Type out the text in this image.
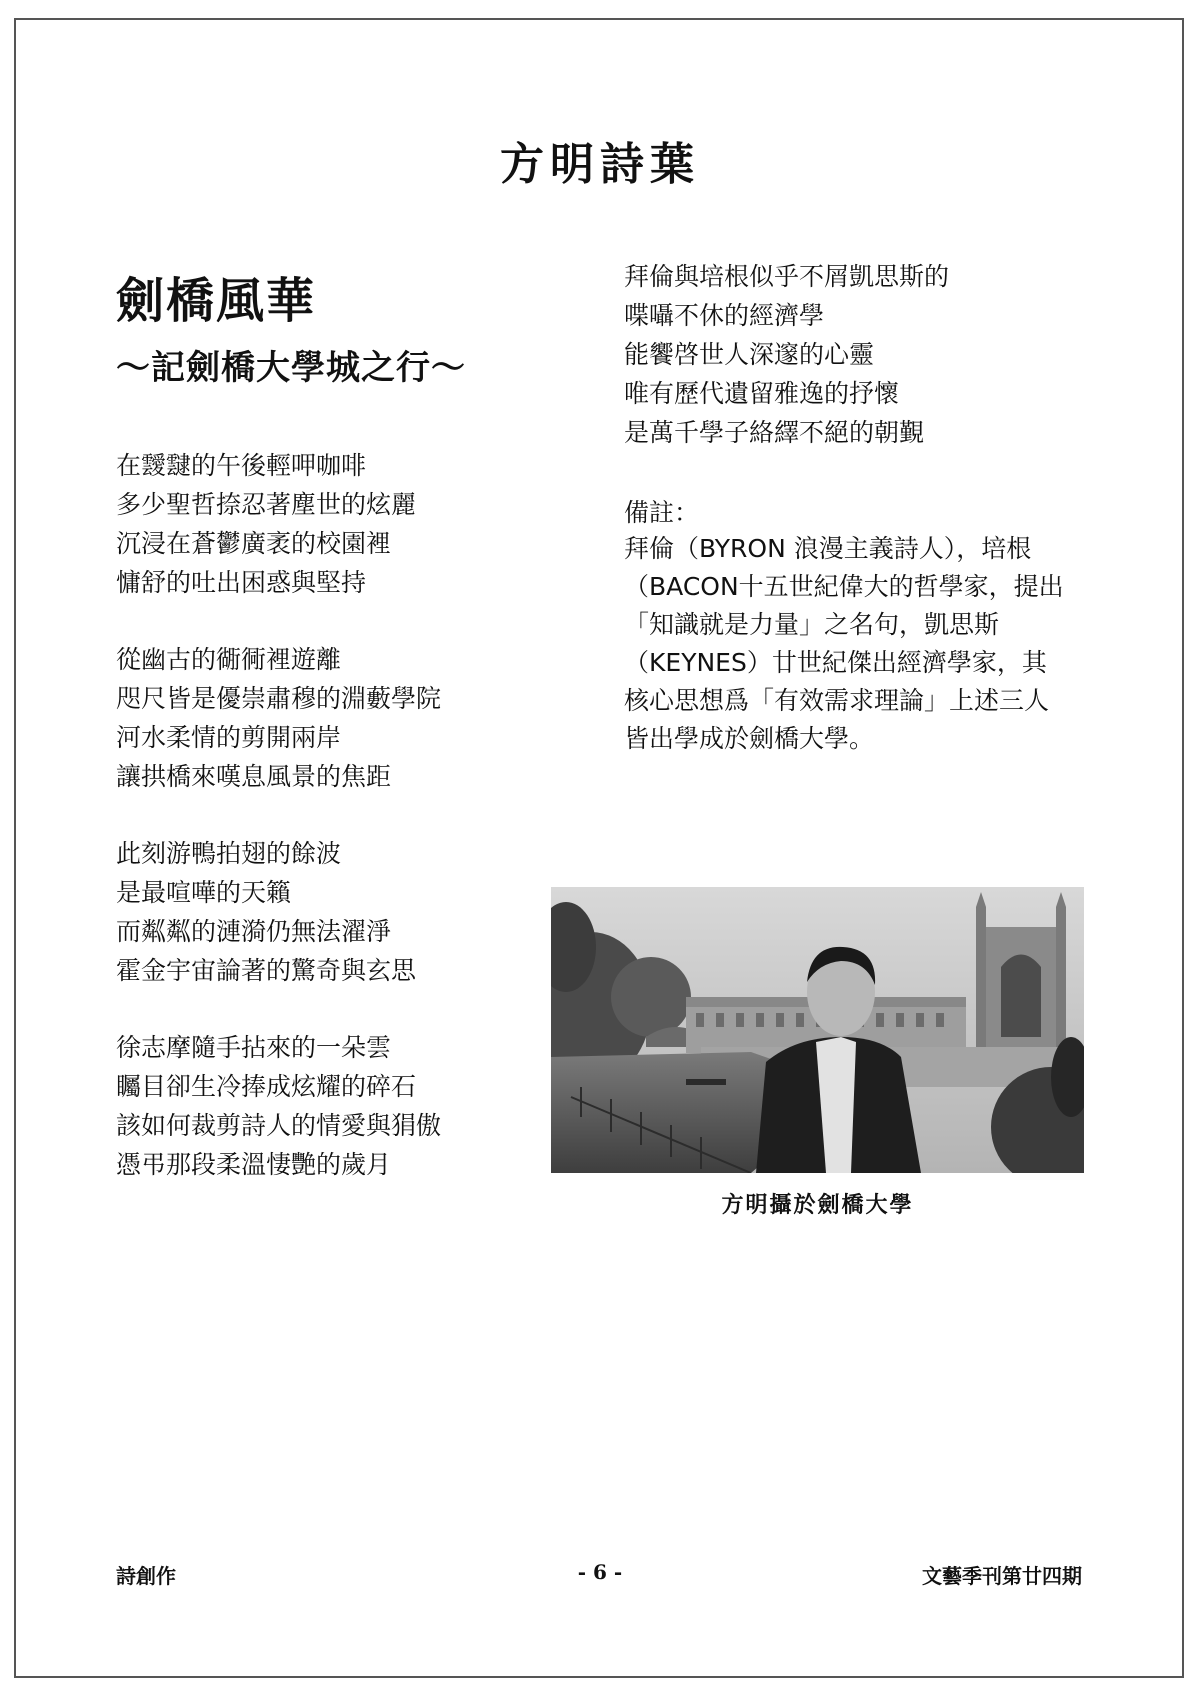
方明詩葉
劍橋風華
～記劍橋大學城之行～
在靉靆的午後輕呷咖啡
多少聖哲捺忍著塵世的炫麗
沉浸在蒼鬱廣袤的校園裡
慵舒的吐出困惑與堅持
從幽古的衚衕裡遊離
咫尺皆是優崇肅穆的淵藪學院
河水柔情的剪開兩岸
讓拱橋來嘆息風景的焦距
此刻游鴨拍翅的餘波
是最喧嘩的天籟
而粼粼的漣漪仍無法濯淨
霍金宇宙論著的驚奇與玄思
徐志摩隨手拈來的一朵雲
矚目卻生冷捧成炫耀的碎石
該如何裁剪詩人的情愛與狷傲
憑弔那段柔溫悽艷的歲月
拜倫與培根似乎不屑凱思斯的
喋囁不休的經濟學
能饗啓世人深邃的心靈
唯有歷代遺留雅逸的抒懷
是萬千學子絡繹不絕的朝覲
備註：
拜倫（BYRON 浪漫主義詩人），培根
（BACON十五世紀偉大的哲學家，提出
「知識就是力量」之名句，凱思斯
（KEYNES）廿世紀傑出經濟學家，其
核心思想爲「有效需求理論」上述三人
皆出學成於劍橋大學。
方明攝於劍橋大學
詩創作	- 6 -	文藝季刊第廿四期
